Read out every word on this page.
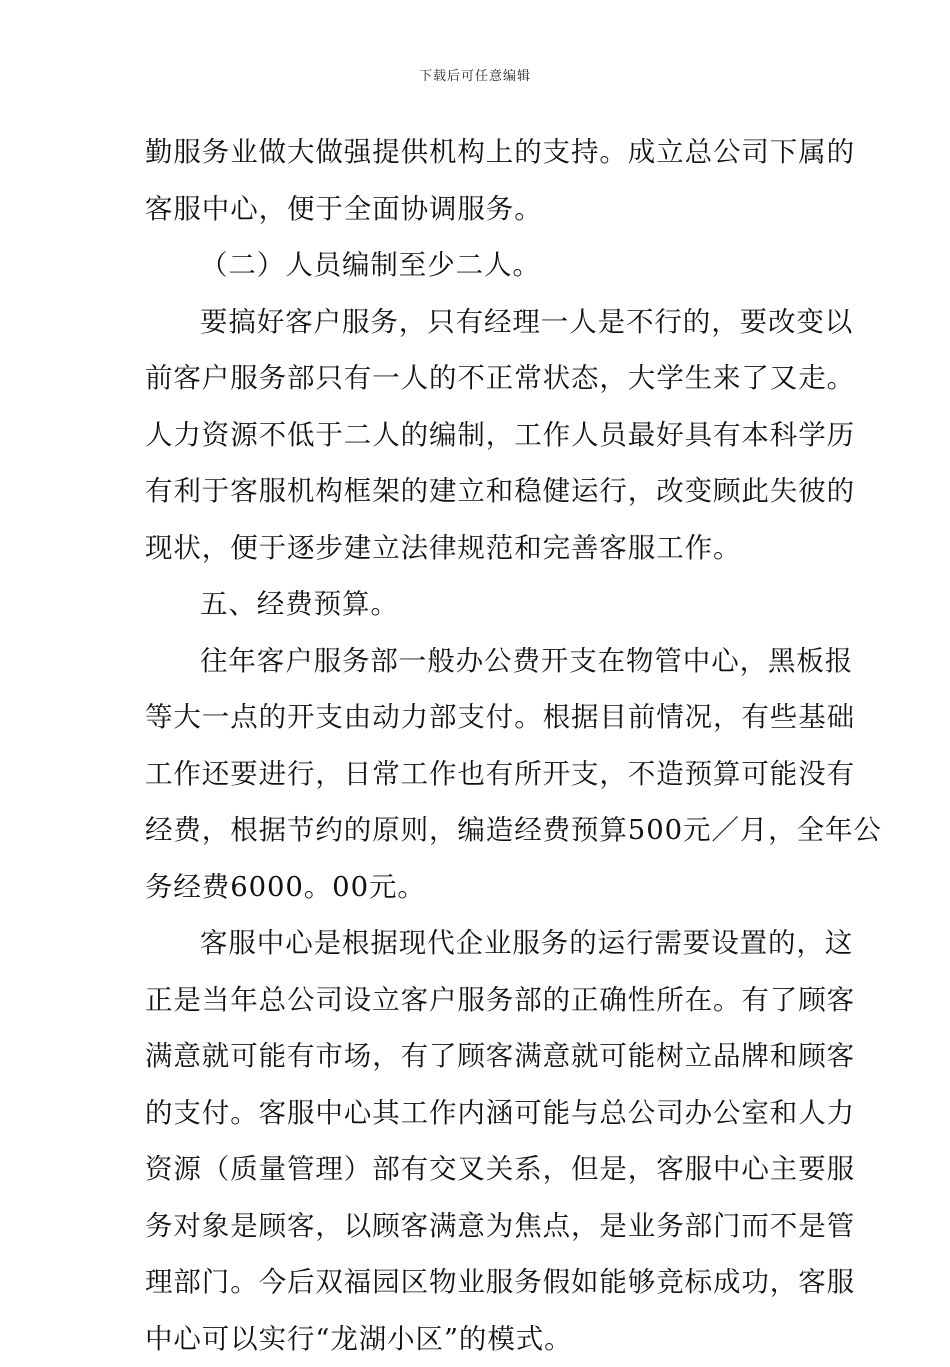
下载后可任意编辑
勤服务业做大做强提供机构上的支持。成立总公司下属的
客服中心，便于全面协调服务。
（二）人员编制至少二人。
要搞好客户服务，只有经理一人是不行的，要改变以
前客户服务部只有一人的不正常状态，大学生来了又走。
人力资源不低于二人的编制，工作人员最好具有本科学历
有利于客服机构框架的建立和稳健运行，改变顾此失彼的
现状，便于逐步建立法律规范和完善客服工作。
五、经费预算。
往年客户服务部一般办公费开支在物管中心，黑板报
等大一点的开支由动力部支付。根据目前情况，有些基础
工作还要进行，日常工作也有所开支，不造预算可能没有
经费，根据节约的原则，编造经费预算500元／月，全年公
务经费6000。00元。
客服中心是根据现代企业服务的运行需要设置的，这
正是当年总公司设立客户服务部的正确性所在。有了顾客
满意就可能有市场，有了顾客满意就可能树立品牌和顾客
的支付。客服中心其工作内涵可能与总公司办公室和人力
资源（质量管理）部有交叉关系，但是，客服中心主要服
务对象是顾客，以顾客满意为焦点，是业务部门而不是管
理部门。今后双福园区物业服务假如能够竞标成功，客服
中心可以实行“龙湖小区”的模式。
